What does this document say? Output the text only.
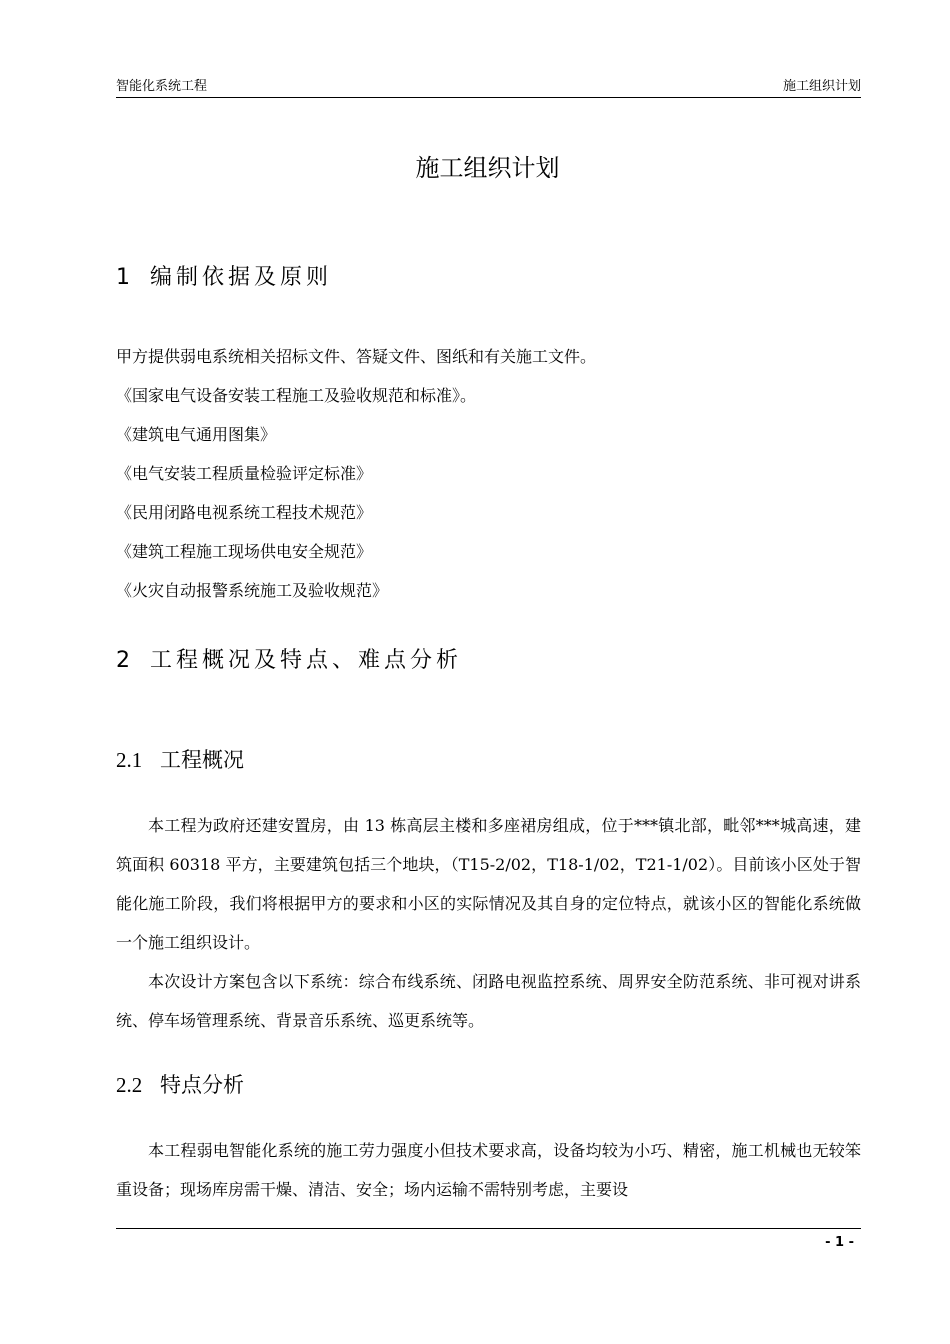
智能化系统工程	施工组织计划
施工组织计划
1 编制依据及原则
甲方提供弱电系统相关招标文件、答疑文件、图纸和有关施工文件。
《国家电气设备安装工程施工及验收规范和标准》。
《建筑电气通用图集》
《电气安装工程质量检验评定标准》
《民用闭路电视系统工程技术规范》
《建筑工程施工现场供电安全规范》
《火灾自动报警系统施工及验收规范》
2 工程概况及特点、难点分析
2.1 工程概况

本工程为政府还建安置房，由 13 栋高层主楼和多座裙房组成，位于***镇北部，毗邻***城高速，建筑面积 60318 平方，主要建筑包括三个地块，（T15-2/02，T18-1/02，T21-1/02）。目前该小区处于智能化施工阶段，我们将根据甲方的要求和小区的实际情况及其自身的定位特点，就该小区的智能化系统做一个施工组织设计。

本次设计方案包含以下系统：综合布线系统、闭路电视监控系统、周界安全防范系统、非可视对讲系统、停车场管理系统、背景音乐系统、巡更系统等。

2.2 特点分析

本工程弱电智能化系统的施工劳力强度小但技术要求高，设备均较为小巧、精密，施工机械也无较笨重设备；现场库房需干燥、清洁、安全；场内运输不需特别考虑，主要设

- 1 -
